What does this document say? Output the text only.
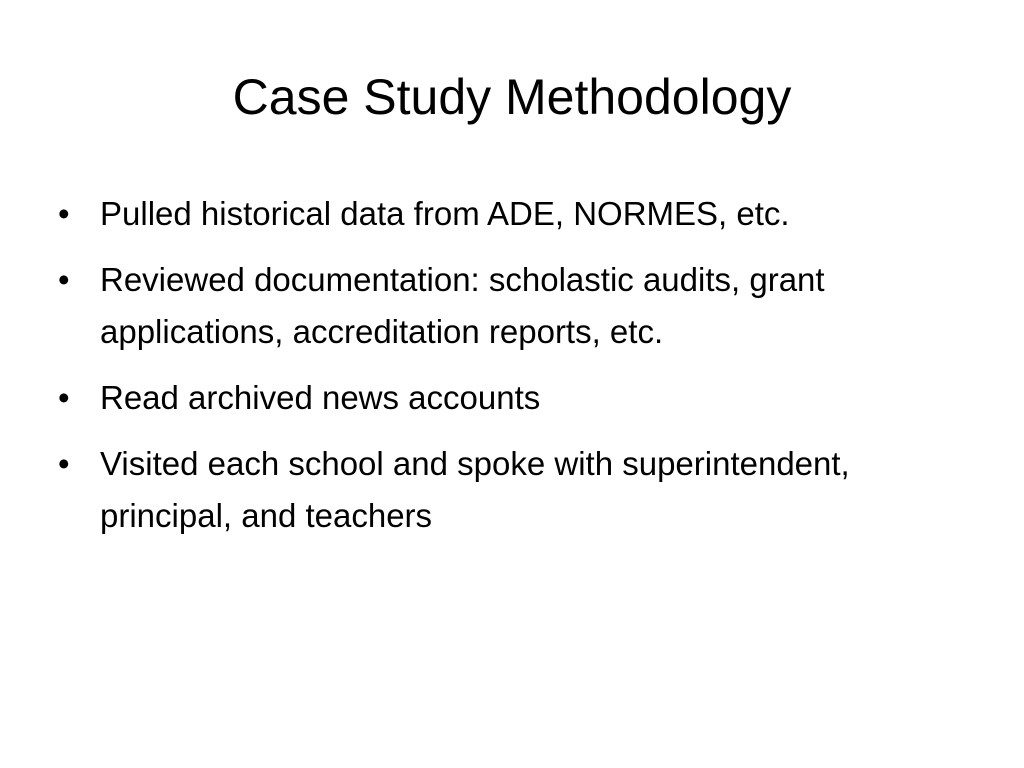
Case Study Methodology
• Pulled historical data from ADE, NORMES, etc.
• Reviewed documentation: scholastic audits, grant applications, accreditation reports, etc.
• Read archived news accounts
• Visited each school and spoke with superintendent, principal, and teachers
